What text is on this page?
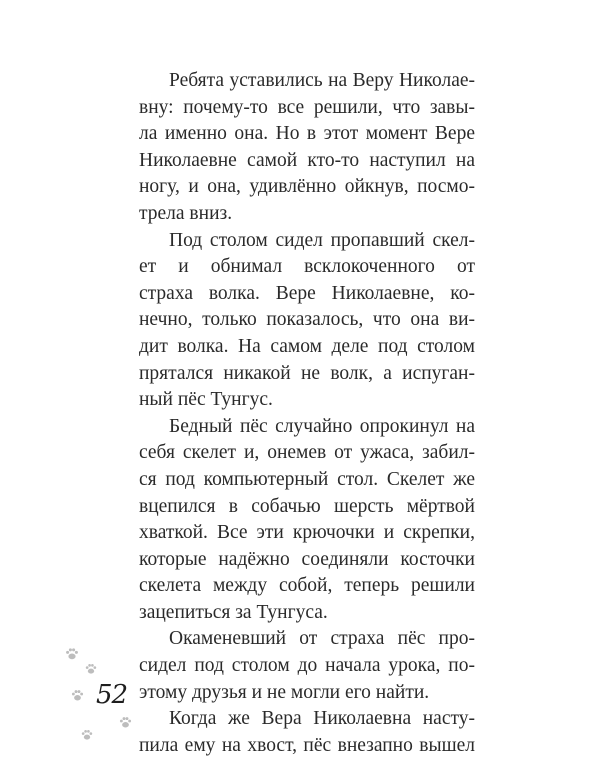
Ребята уставились на Веру Николае-
вну: почему-то все решили, что завы-
ла именно она. Но в этот момент Вере
Николаевне самой кто-то наступил на
ногу, и она, удивлённо ойкнув, посмо-
трела вниз.
Под столом сидел пропавший скел-
ет и обнимал всклокоченного от
страха волка. Вере Николаевне, ко-
нечно, только показалось, что она ви-
дит волка. На самом деле под столом
прятался никакой не волк, а испуган-
ный пёс Тунгус.
Бедный пёс случайно опрокинул на
себя скелет и, онемев от ужаса, забил-
ся под компьютерный стол. Скелет же
вцепился в собачью шерсть мёртвой
хваткой. Все эти крючочки и скрепки,
которые надёжно соединяли косточки
скелета между собой, теперь решили
зацепиться за Тунгуса.
Окаменевший от страха пёс про-
сидел под столом до начала урока, по-
этому друзья и не могли его найти.
Когда же Вера Николаевна насту-
пила ему на хвост, пёс внезапно вышел
52
